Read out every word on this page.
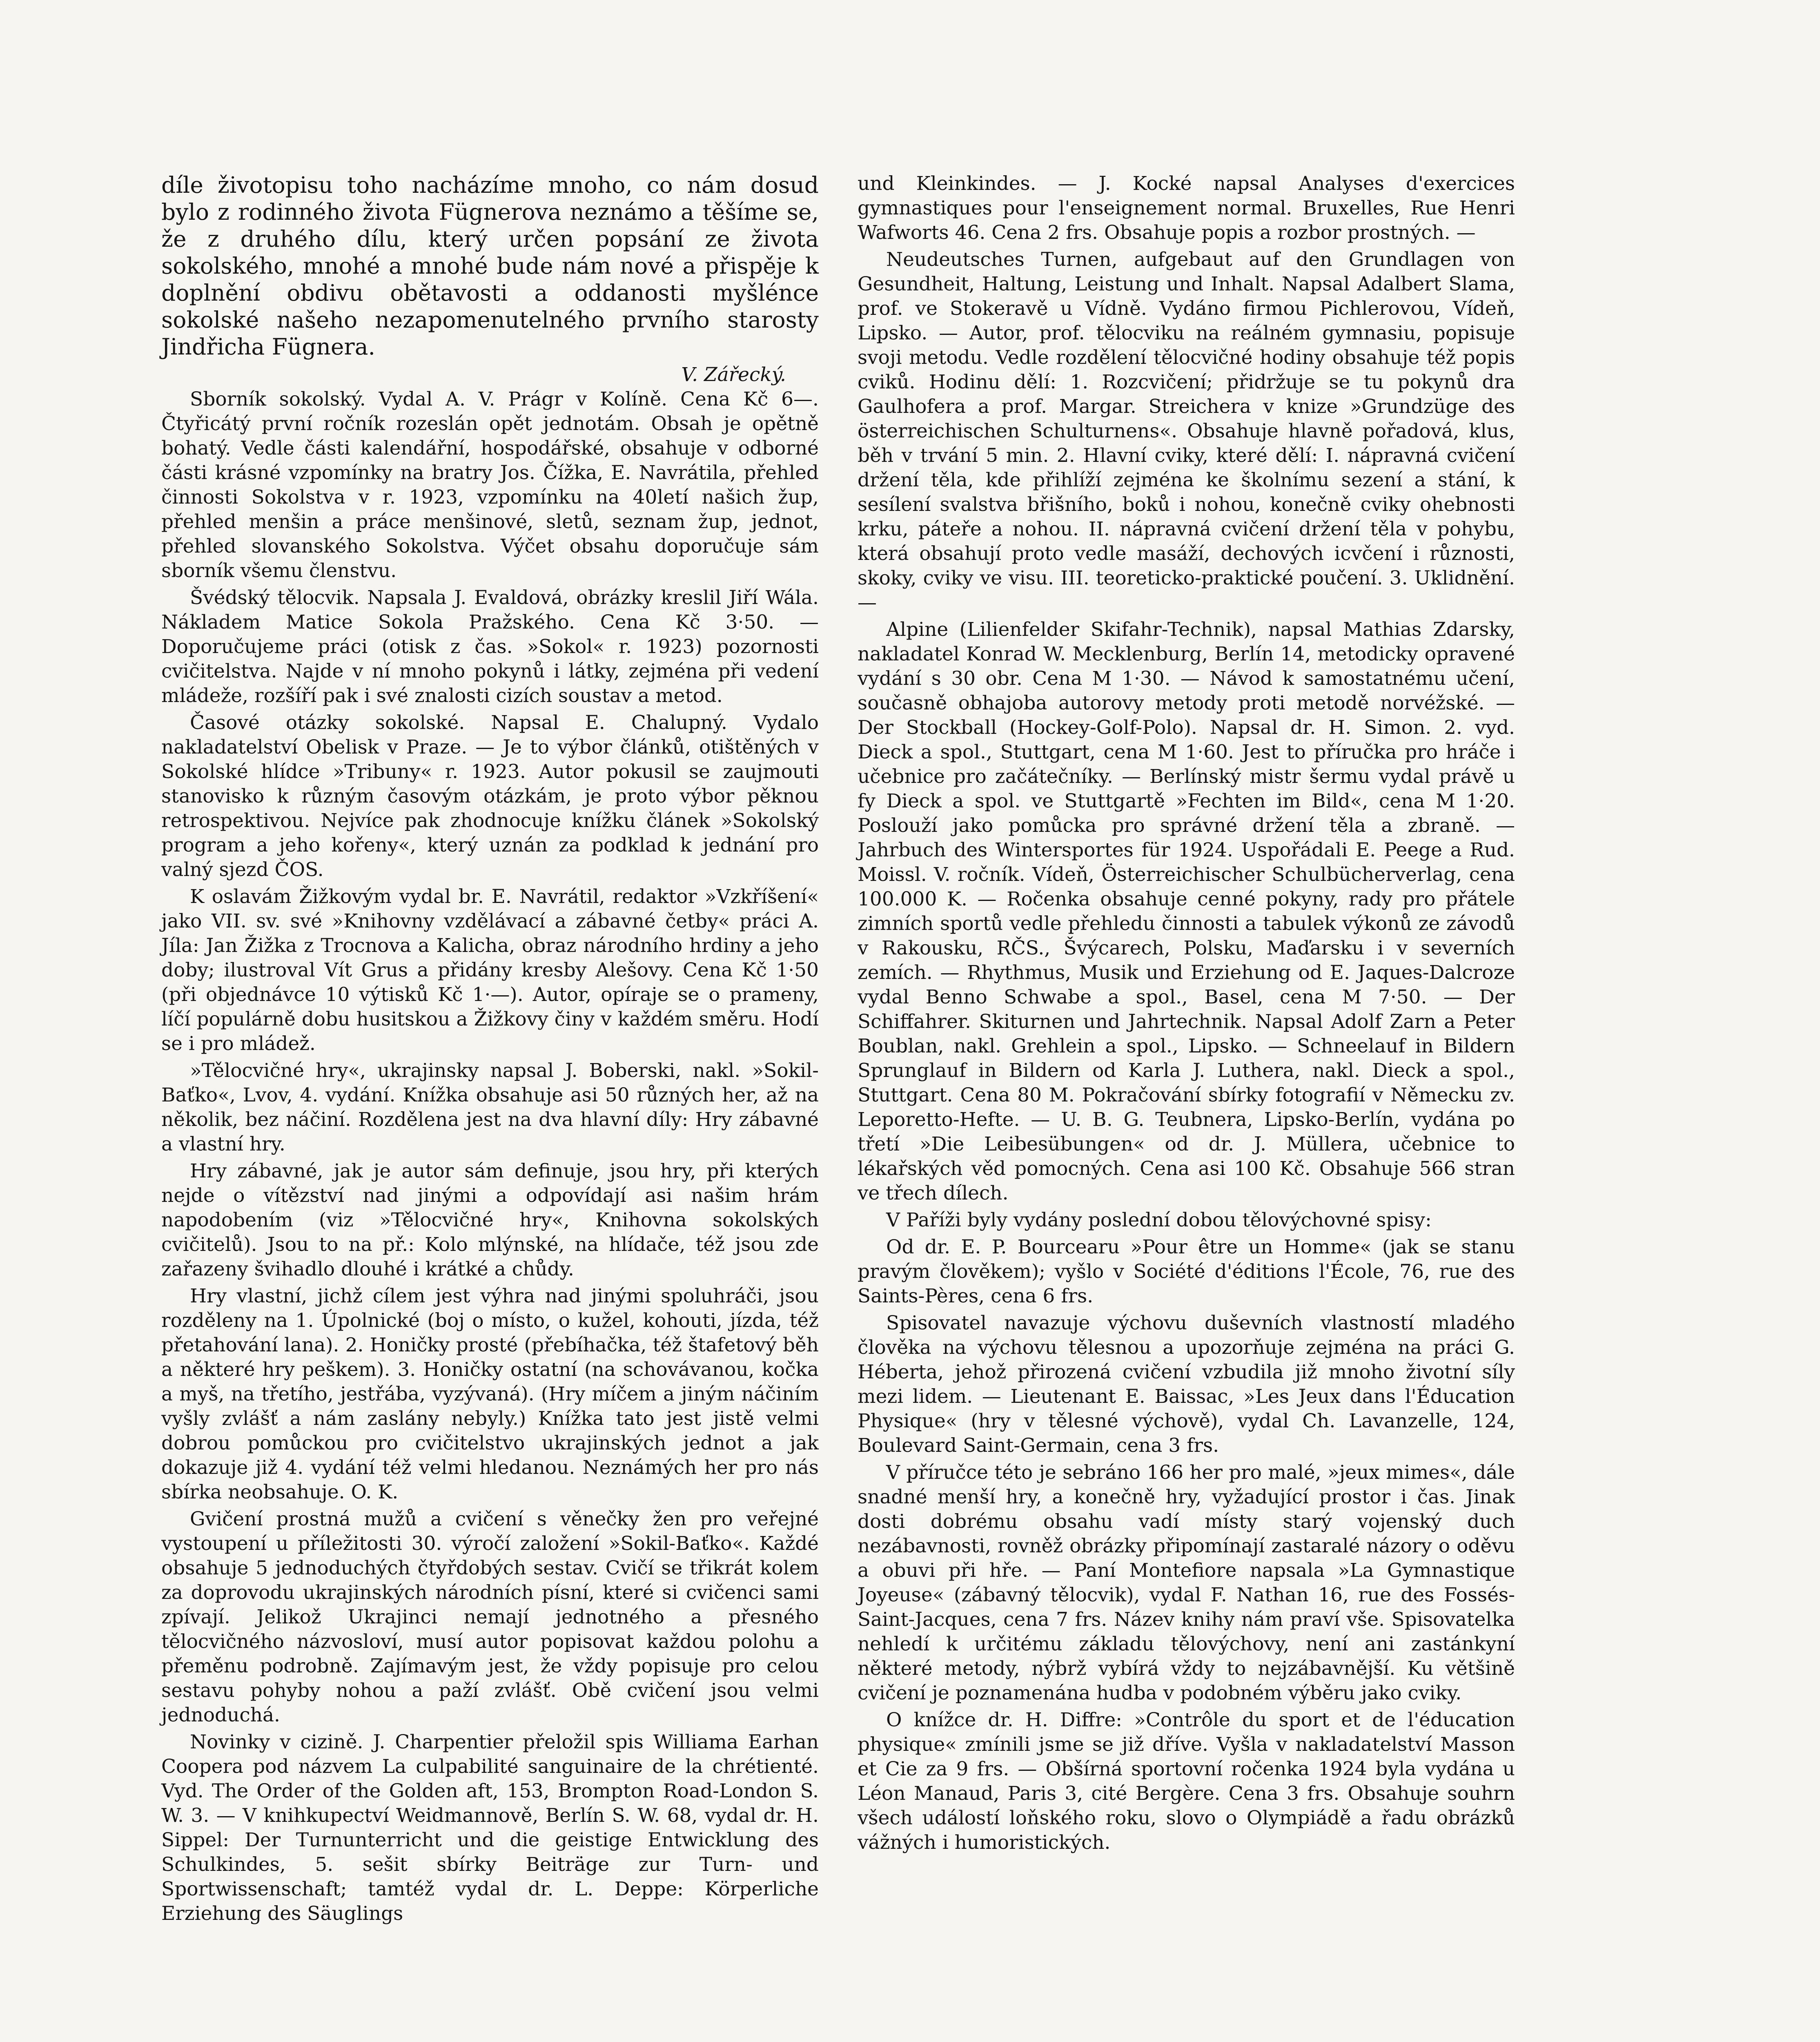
díle životopisu toho nacházíme mnoho, co nám dosud bylo z rodinného života Fügnerova neznámo a těšíme se, že z druhého dílu, který určen popsání ze života sokolského, mnohé a mnohé bude nám nové a přispěje k doplnění obdivu obětavosti a oddanosti myšlénce sokolské našeho nezapomenutelného prvního starosty Jindřicha Fügnera.

V. Zářecký.

Sborník sokolský. Vydal A. V. Prágr v Kolíně. Cena Kč 6—. Čtyřicátý první ročník rozeslán opět jednotám. Obsah je opětně bohatý. Vedle části kalendářní, hospodářské, obsahuje v odborné části krásné vzpomínky na bratry Jos. Čížka, E. Navrátila, přehled činnosti Sokolstva v r. 1923, vzpomínku na 40letí našich žup, přehled menšin a práce menšinové, sletů, seznam žup, jednot, přehled slovanského Sokolstva. Výčet obsahu doporučuje sám sborník všemu členstvu.

Švédský tělocvik. Napsala J. Evaldová, obrázky kreslil Jiří Wála. Nákladem Matice Sokola Pražského. Cena Kč 3·50. — Doporučujeme práci (otisk z čas. »Sokol« r. 1923) pozornosti cvičitelstva. Najde v ní mnoho pokynů i látky, zejména při vedení mládeže, rozšíří pak i své znalosti cizích soustav a metod.

Časové otázky sokolské. Napsal E. Chalupný. Vydalo nakladatelství Obelisk v Praze. — Je to výbor článků, otištěných v Sokolské hlídce »Tribuny« r. 1923. Autor pokusil se zaujmouti stanovisko k různým časovým otázkám, je proto výbor pěknou retrospektivou. Nejvíce pak zhodnocuje knížku článek »Sokolský program a jeho kořeny«, který uznán za podklad k jednání pro valný sjezd ČOS.

K oslavám Žižkovým vydal br. E. Navrátil, redaktor »Vzkříšení« jako VII. sv. své »Knihovny vzdělávací a zábavné četby« práci A. Jíla: Jan Žižka z Trocnova a Kalicha, obraz národního hrdiny a jeho doby; ilustroval Vít Grus a přidány kresby Alešovy. Cena Kč 1·50 (při objednávce 10 výtisků Kč 1·—). Autor, opíraje se o prameny, líčí populárně dobu husitskou a Žižkovy činy v každém směru. Hodí se i pro mládež.

»Tělocvičné hry«, ukrajinsky napsal J. Boberski, nakl. »Sokil-Baťko«, Lvov, 4. vydání. Knížka obsahuje asi 50 různých her, až na několik, bez náčiní. Rozdělena jest na dva hlavní díly: Hry zábavné a vlastní hry.

Hry zábavné, jak je autor sám definuje, jsou hry, při kterých nejde o vítězství nad jinými a odpovídají asi našim hrám napodobením (viz »Tělocvičné hry«, Knihovna sokolských cvičitelů). Jsou to na př.: Kolo mlýnské, na hlídače, též jsou zde zařazeny švihadlo dlouhé i krátké a chůdy.

Hry vlastní, jichž cílem jest výhra nad jinými spoluhráči, jsou rozděleny na 1. Úpolnické (boj o místo, o kužel, kohouti, jízda, též přetahování lana). 2. Honičky prosté (přebíhačka, též štafetový běh a některé hry peškem). 3. Honičky ostatní (na schovávanou, kočka a myš, na třetího, jestřába, vyzývaná). (Hry míčem a jiným náčiním vyšly zvlášť a nám zaslány nebyly.) Knížka tato jest jistě velmi dobrou pomůckou pro cvičitelstvo ukrajinských jednot a jak dokazuje již 4. vydání též velmi hledanou. Neznámých her pro nás sbírka neobsahuje. O. K.

Gvičení prostná mužů a cvičení s věnečky žen pro veřejné vystoupení u příležitosti 30. výročí založení »Sokil-Baťko«. Každé obsahuje 5 jednoduchých čtyřdobých sestav. Cvičí se třikrát kolem za doprovodu ukrajinských národních písní, které si cvičenci sami zpívají. Jelikož Ukrajinci nemají jednotného a přesného tělocvičného názvosloví, musí autor popisovat každou polohu a přeměnu podrobně. Zajímavým jest, že vždy popisuje pro celou sestavu pohyby nohou a paží zvlášť. Obě cvičení jsou velmi jednoduchá.

Novinky v cizině. J. Charpentier přeložil spis Williama Earhan Coopera pod názvem La culpabilité sanguinaire de la chrétienté. Vyd. The Order of the Golden aft, 153, Brompton Road-London S. W. 3. — V knihkupectví Weidmannově, Berlín S. W. 68, vydal dr. H. Sippel: Der Turnunterricht und die geistige Entwicklung des Schulkindes, 5. sešit sbírky Beiträge zur Turn- und Sportwissenschaft; tamtéž vydal dr. L. Deppe: Körperliche Erziehung des Säuglings

und Kleinkindes. — J. Kocké napsal Analyses d'exercices gymnastiques pour l'enseignement normal. Bruxelles, Rue Henri Wafworts 46. Cena 2 frs. Obsahuje popis a rozbor prostných. —

Neudeutsches Turnen, aufgebaut auf den Grundlagen von Gesundheit, Haltung, Leistung und Inhalt. Napsal Adalbert Slama, prof. ve Stokeravě u Vídně. Vydáno firmou Pichlerovou, Vídeň, Lipsko. — Autor, prof. tělocviku na reálném gymnasiu, popisuje svoji metodu. Vedle rozdělení tělocvičné hodiny obsahuje též popis cviků. Hodinu dělí: 1. Rozcvičení; přidržuje se tu pokynů dra Gaulhofera a prof. Margar. Streichera v knize »Grundzüge des österreichischen Schulturnens«. Obsahuje hlavně pořadová, klus, běh v trvání 5 min. 2. Hlavní cviky, které dělí: I. nápravná cvičení držení těla, kde přihlíží zejména ke školnímu sezení a stání, k sesílení svalstva břišního, boků i nohou, konečně cviky ohebnosti krku, páteře a nohou. II. nápravná cvičení držení těla v pohybu, která obsahují proto vedle masáží, dechových icvčení i různosti, skoky, cviky ve visu. III. teoreticko-praktické poučení. 3. Uklidnění. —

Alpine (Lilienfelder Skifahr-Technik), napsal Mathias Zdarsky, nakladatel Konrad W. Mecklenburg, Berlín 14, metodicky opravené vydání s 30 obr. Cena M 1·30. — Návod k samostatnému učení, současně obhajoba autorovy metody proti metodě norvéžské. — Der Stockball (Hockey-Golf-Polo). Napsal dr. H. Simon. 2. vyd. Dieck a spol., Stuttgart, cena M 1·60. Jest to příručka pro hráče i učebnice pro začátečníky. — Berlínský mistr šermu vydal právě u fy Dieck a spol. ve Stuttgartě »Fechten im Bild«, cena M 1·20. Poslouží jako pomůcka pro správné držení těla a zbraně. — Jahrbuch des Wintersportes für 1924. Uspořádali E. Peege a Rud. Moissl. V. ročník. Vídeň, Österreichischer Schulbücherverlag, cena 100.000 K. — Ročenka obsahuje cenné pokyny, rady pro přátele zimních sportů vedle přehledu činnosti a tabulek výkonů ze závodů v Rakousku, RČS., Švýcarech, Polsku, Maďarsku i v severních zemích. — Rhythmus, Musik und Erziehung od E. Jaques-Dalcroze vydal Benno Schwabe a spol., Basel, cena M 7·50. — Der Schiffahrer. Skiturnen und Jahrtechnik. Napsal Adolf Zarn a Peter Boublan, nakl. Grehlein a spol., Lipsko. — Schneelauf in Bildern Sprunglauf in Bildern od Karla J. Luthera, nakl. Dieck a spol., Stuttgart. Cena 80 M. Pokračování sbírky fotografií v Německu zv. Leporetto-Hefte. — U. B. G. Teubnera, Lipsko-Berlín, vydána po třetí »Die Leibesübungen« od dr. J. Müllera, učebnice to lékařských věd pomocných. Cena asi 100 Kč. Obsahuje 566 stran ve třech dílech.

V Paříži byly vydány poslední dobou tělovýchovné spisy:

Od dr. E. P. Bourcearu »Pour être un Homme« (jak se stanu pravým člověkem); vyšlo v Société d'éditions l'École, 76, rue des Saints-Pères, cena 6 frs.

Spisovatel navazuje výchovu duševních vlastností mladého člověka na výchovu tělesnou a upozorňuje zejména na práci G. Héberta, jehož přirozená cvičení vzbudila již mnoho životní síly mezi lidem. — Lieutenant E. Baissac, »Les Jeux dans l'Éducation Physique« (hry v tělesné výchově), vydal Ch. Lavanzelle, 124, Boulevard Saint-Germain, cena 3 frs.

V příručce této je sebráno 166 her pro malé, »jeux mimes«, dále snadné menší hry, a konečně hry, vyžadující prostor i čas. Jinak dosti dobrému obsahu vadí místy starý vojenský duch nezábavnosti, rovněž obrázky připomínají zastaralé názory o oděvu a obuvi při hře. — Paní Montefiore napsala »La Gymnastique Joyeuse« (zábavný tělocvik), vydal F. Nathan 16, rue des Fossés-Saint-Jacques, cena 7 frs. Název knihy nám praví vše. Spisovatelka nehledí k určitému základu tělovýchovy, není ani zastánkyní některé metody, nýbrž vybírá vždy to nejzábavnější. Ku většině cvičení je poznamenána hudba v podobném výběru jako cviky.

O knížce dr. H. Diffre: »Contrôle du sport et de l'éducation physique« zmínili jsme se již dříve. Vyšla v nakladatelství Masson et Cie za 9 frs. — Obšírná sportovní ročenka 1924 byla vydána u Léon Manaud, Paris 3, cité Bergère. Cena 3 frs. Obsahuje souhrn všech událostí loňského roku, slovo o Olympiádě a řadu obrázků vážných i humoristických.
